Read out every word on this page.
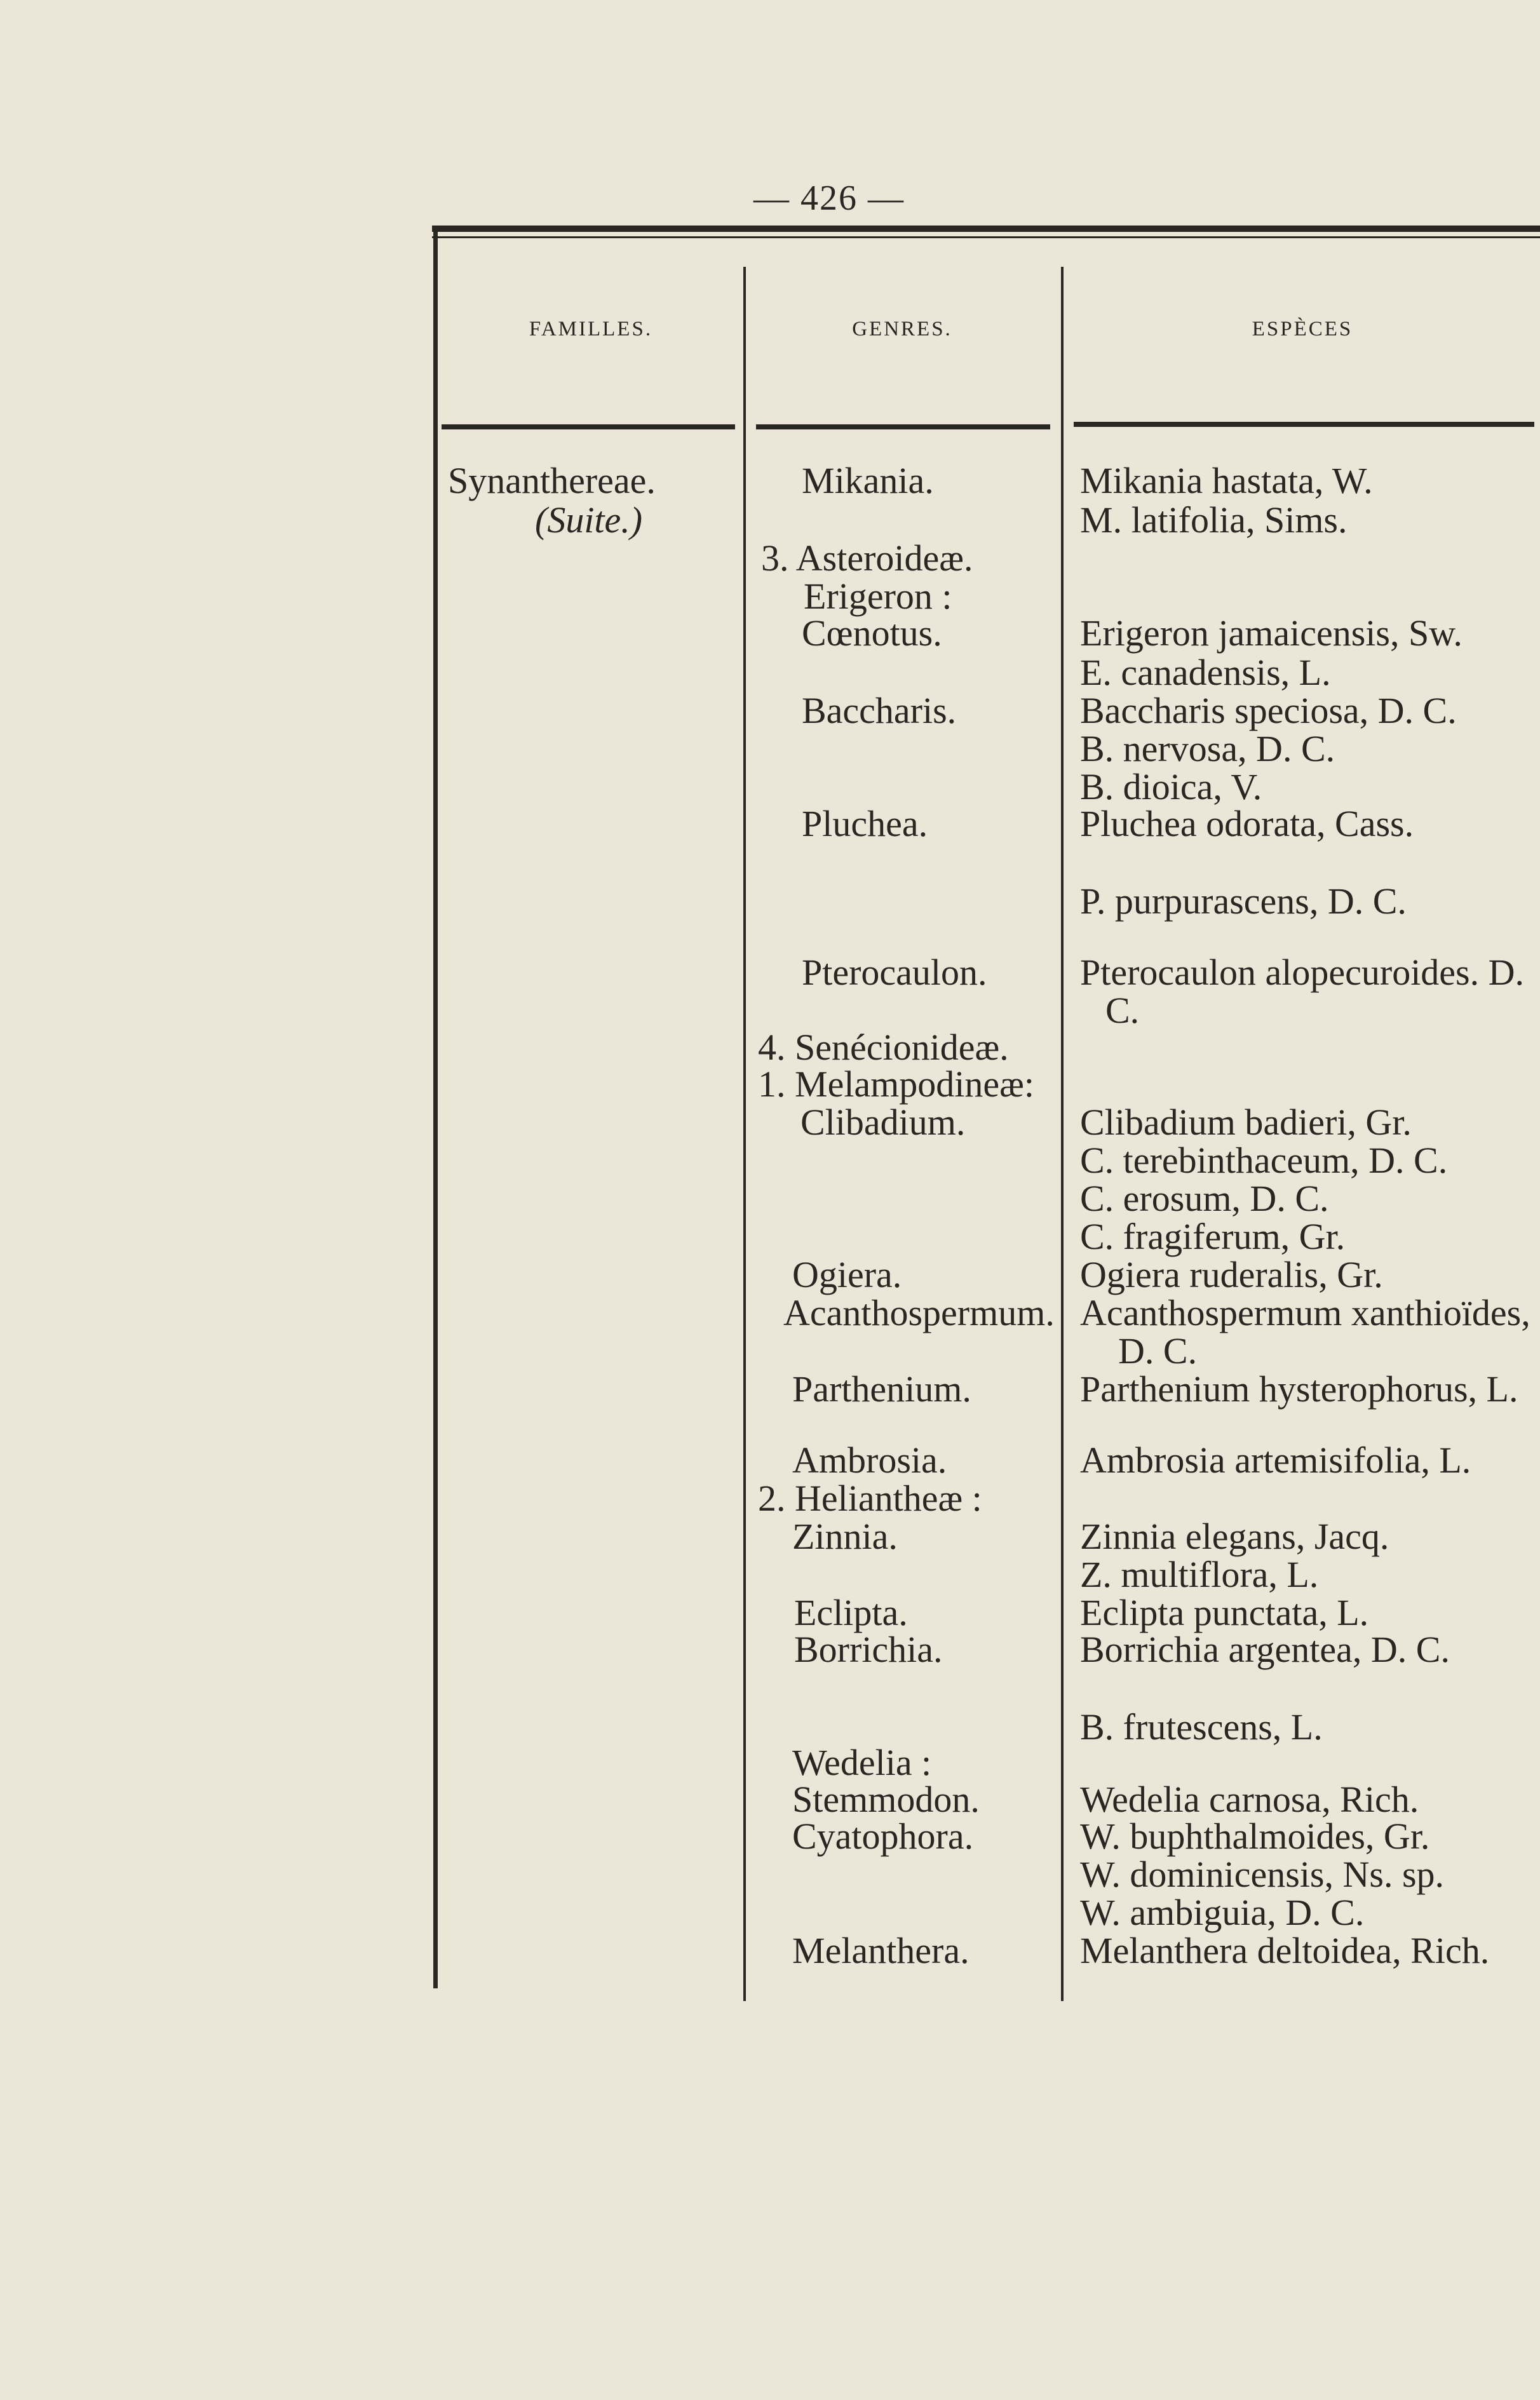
— 426 —
FAMILLES.	GENRES.	ESPÈCES
Synanthereae.
(Suite.)
Mikania.
3. Asteroideæ.
Erigeron :
Cœnotus.
Baccharis.
Pluchea.
Pterocaulon.
4. Senécionideæ.
1. Melampodineæ:
Clibadium.
Ogiera.
Acanthospermum.
Parthenium.
Ambrosia.
2. Heliantheæ :
Zinnia.
Eclipta.
Borrichia.
Wedelia :
Stemmodon.
Cyatophora.
Melanthera.
Mikania hastata, W.
M. latifolia, Sims.
Erigeron jamaicensis, Sw.
E. canadensis, L.
Baccharis speciosa, D. C.
B. nervosa, D. C.
B. dioica, V.
Pluchea odorata, Cass.
P. purpurascens, D. C.
Pterocaulon alopecuroides. D.
C.
Clibadium badieri, Gr.
C. terebinthaceum, D. C.
C. erosum, D. C.
C. fragiferum, Gr.
Ogiera ruderalis, Gr.
Acanthospermum xanthioïdes,
D. C.
Parthenium hysterophorus, L.
Ambrosia artemisifolia, L.
Zinnia elegans, Jacq.
Z. multiflora, L.
Eclipta punctata, L.
Borrichia argentea, D. C.
B. frutescens, L.
Wedelia carnosa, Rich.
W. buphthalmoides, Gr.
W. dominicensis, Ns. sp.
W. ambiguia, D. C.
Melanthera deltoidea, Rich.
